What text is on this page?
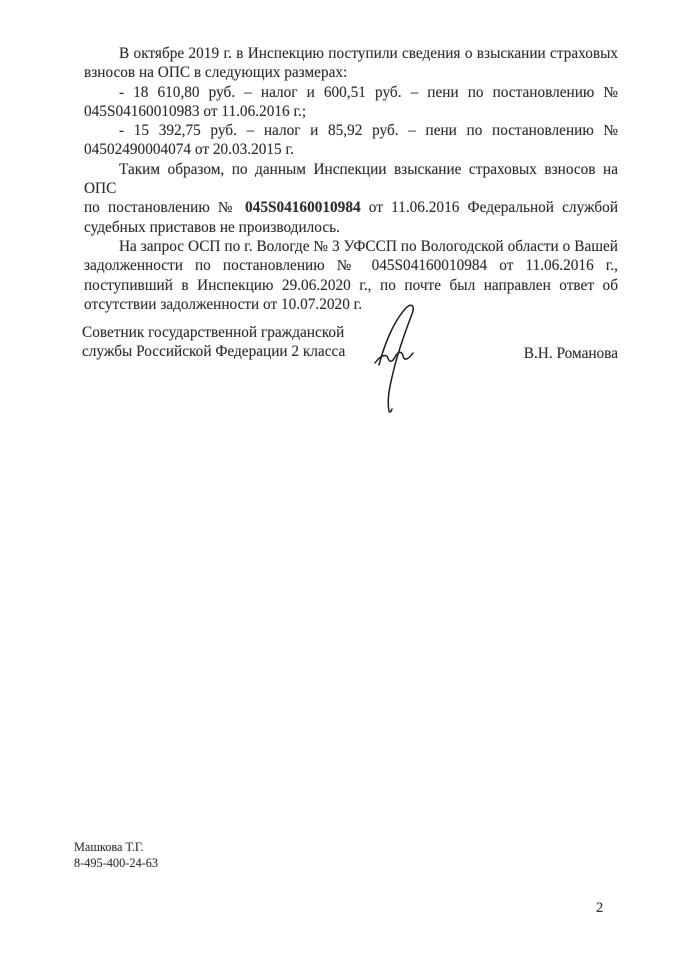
В октябре 2019 г. в Инспекцию поступили сведения о взыскании страховых
взносов на ОПС в следующих размерах:
- 18 610,80 руб. – налог и 600,51 руб. – пени по постановлению №
045S04160010983 от 11.06.2016 г.;
- 15 392,75 руб. – налог и 85,92 руб. – пени по постановлению №
04502490004074 от 20.03.2015 г.
Таким образом, по данным Инспекции взыскание страховых взносов на ОПС
по постановлению № 045S04160010984 от 11.06.2016 Федеральной службой
судебных приставов не производилось.
На запрос ОСП по г. Вологде № 3 УФССП по Вологодской области о Вашей
задолженности по постановлению № 045S04160010984 от 11.06.2016 г.,
поступивший в Инспекцию 29.06.2020 г., по почте был направлен ответ об
отсутствии задолженности от 10.07.2020 г.
Советник государственной гражданской
службы Российской Федерации 2 класса	В.Н. Романова
Машкова Т.Г.
8-495-400-24-63
2
